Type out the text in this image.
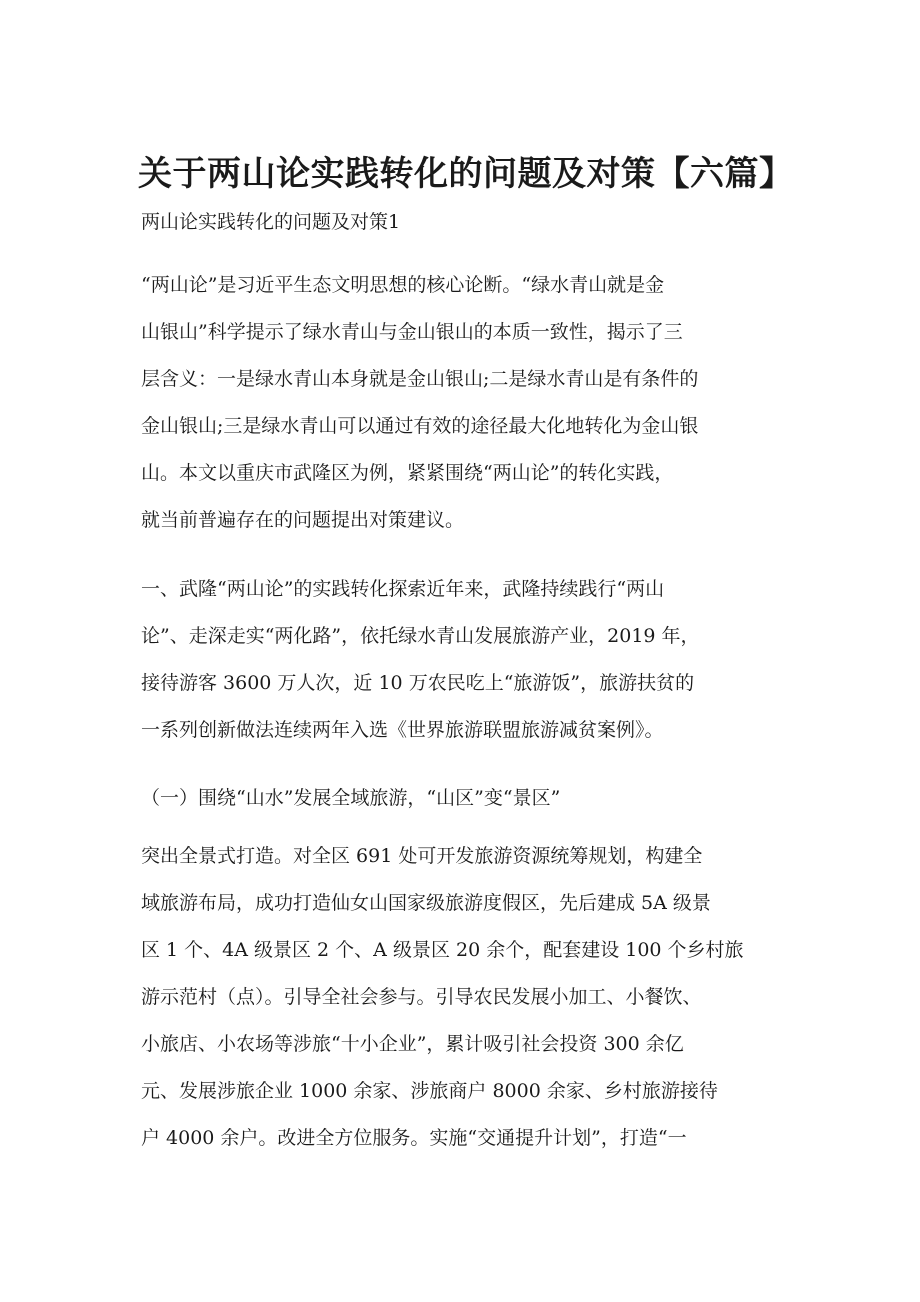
关于两山论实践转化的问题及对策【六篇】

两山论实践转化的问题及对策1

“两山论”是习近平生态文明思想的核心论断。“绿水青山就是金
山银山”科学提示了绿水青山与金山银山的本质一致性，揭示了三
层含义：一是绿水青山本身就是金山银山;二是绿水青山是有条件的
金山银山;三是绿水青山可以通过有效的途径最大化地转化为金山银
山。本文以重庆市武隆区为例，紧紧围绕“两山论”的转化实践，
就当前普遍存在的问题提出对策建议。

一、武隆“两山论”的实践转化探索近年来，武隆持续践行“两山
论”、走深走实“两化路”，依托绿水青山发展旅游产业，2019 年，
接待游客 3600 万人次，近 10 万农民吃上“旅游饭”，旅游扶贫的
一系列创新做法连续两年入选《世界旅游联盟旅游减贫案例》。

（一）围绕“山水”发展全域旅游，“山区”变“景区”

突出全景式打造。对全区 691 处可开发旅游资源统筹规划，构建全
域旅游布局，成功打造仙女山国家级旅游度假区，先后建成 5A 级景
区 1 个、4A 级景区 2 个、A 级景区 20 余个，配套建设 100 个乡村旅
游示范村（点）。引导全社会参与。引导农民发展小加工、小餐饮、
小旅店、小农场等涉旅“十小企业”，累计吸引社会投资 300 余亿
元、发展涉旅企业 1000 余家、涉旅商户 8000 余家、乡村旅游接待
户 4000 余户。改进全方位服务。实施“交通提升计划”，打造“一
